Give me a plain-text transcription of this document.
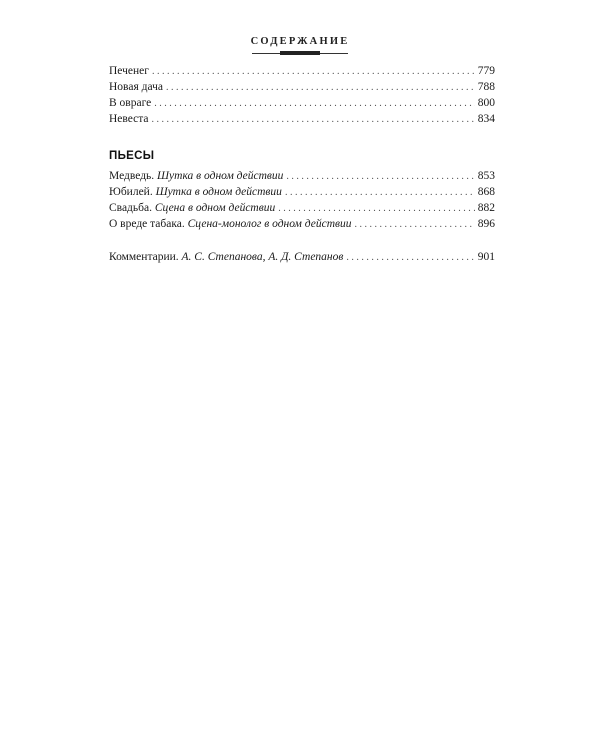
СОДЕРЖАНИЕ
Печенег . . .	779
Новая дача . . .	788
В овраге . . .	800
Невеста . . .	834
ПЬЕСЫ
Медведь. Шутка в одном действии . . .	853
Юбилей. Шутка в одном действии . . .	868
Свадьба. Сцена в одном действии . . .	882
О вреде табака. Сцена-монолог в одном действии . . .	896
Комментарии. А. С. Степанова, А. Д. Степанов . . .	901
